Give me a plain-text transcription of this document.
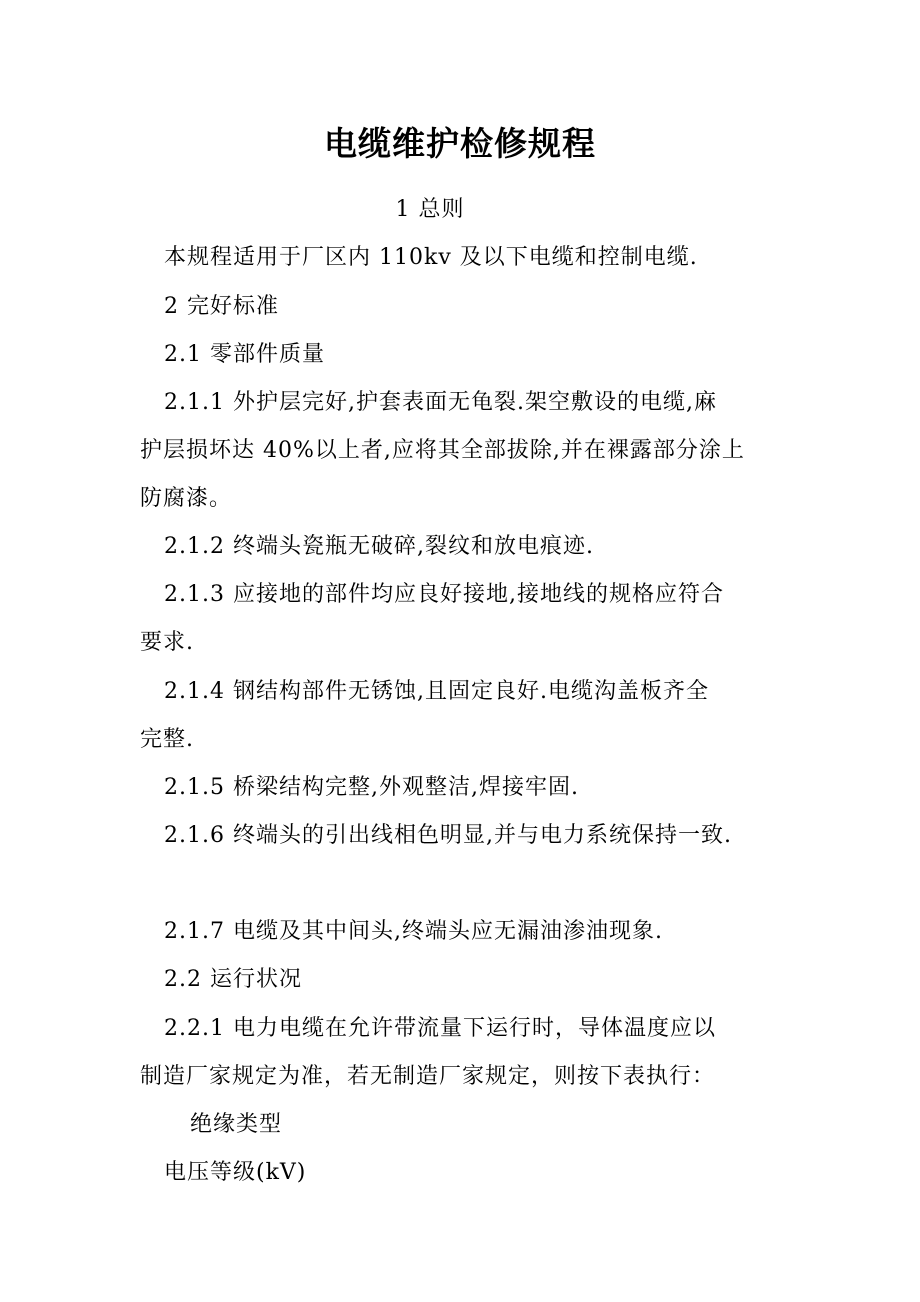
电缆维护检修规程

1 总则

本规程适用于厂区内 110kv 及以下电缆和控制电缆.

2 完好标准

2.1 零部件质量

2.1.1 外护层完好,护套表面无龟裂.架空敷设的电缆,麻

护层损坏达 40%以上者,应将其全部拔除,并在裸露部分涂上

防腐漆。

2.1.2 终端头瓷瓶无破碎,裂纹和放电痕迹.

2.1.3 应接地的部件均应良好接地,接地线的规格应符合

要求.

2.1.4 钢结构部件无锈蚀,且固定良好.电缆沟盖板齐全

完整.

2.1.5 桥梁结构完整,外观整洁,焊接牢固.

2.1.6 终端头的引出线相色明显,并与电力系统保持一致.

2.1.7 电缆及其中间头,终端头应无漏油渗油现象.

2.2 运行状况

2.2.1 电力电缆在允许带流量下运行时，导体温度应以

制造厂家规定为准，若无制造厂家规定，则按下表执行：

绝缘类型

电压等级(kV)
